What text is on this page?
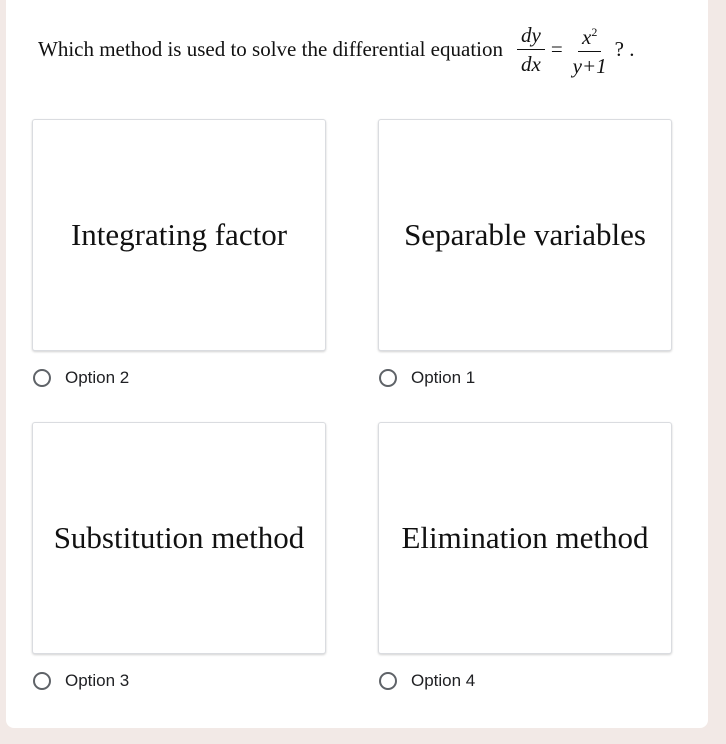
Which method is used to solve the differential equation $\frac{dy}{dx} = \frac{x^2}{y+1}$ ? .
Integrating factor	Separable variables
Substitution method	Elimination method
Option 2	Option 1
Option 3	Option 4
